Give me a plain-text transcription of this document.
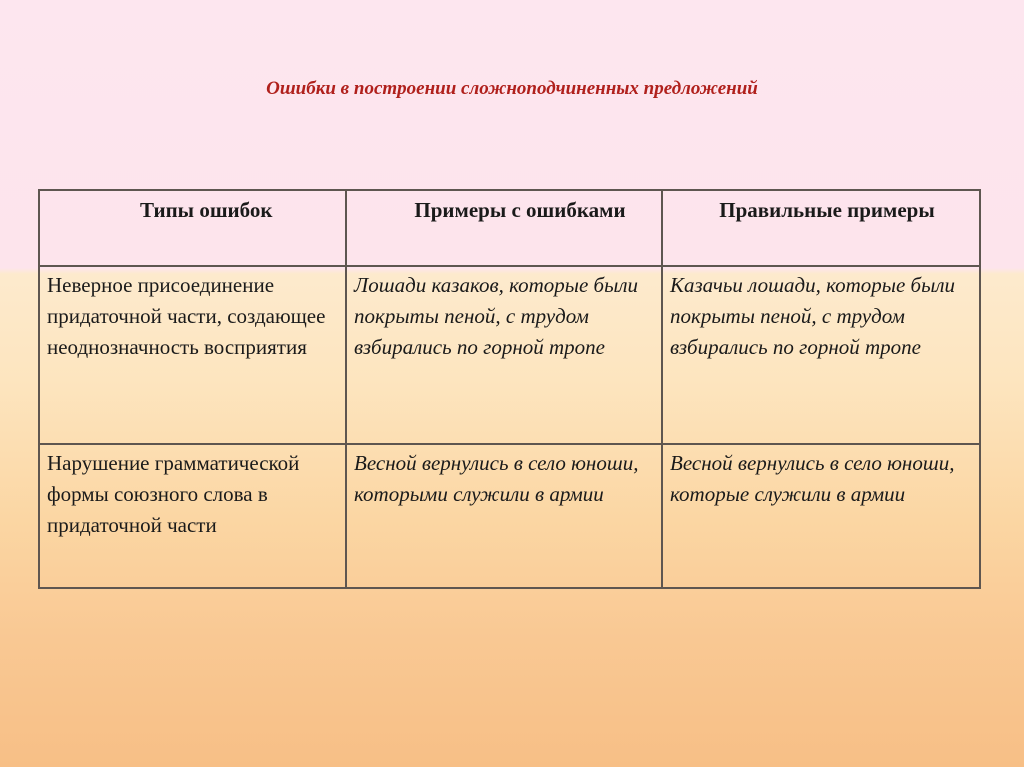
Ошибки в построении сложноподчиненных предложений
Типы ошибок	Примеры с ошибками	Правильные примеры
Неверное присоединение придаточной части, создающее неоднозначность восприятия	Лошади казаков, которые были покрыты пеной, с трудом взбирались по горной тропе	Казачьи лошади, которые были покрыты пеной, с трудом взбирались по горной тропе
Нарушение грамматической формы союзного слова в придаточной части	Весной вернулись в село юноши, которыми служили в армии	Весной вернулись в село юноши, которые служили в армии
